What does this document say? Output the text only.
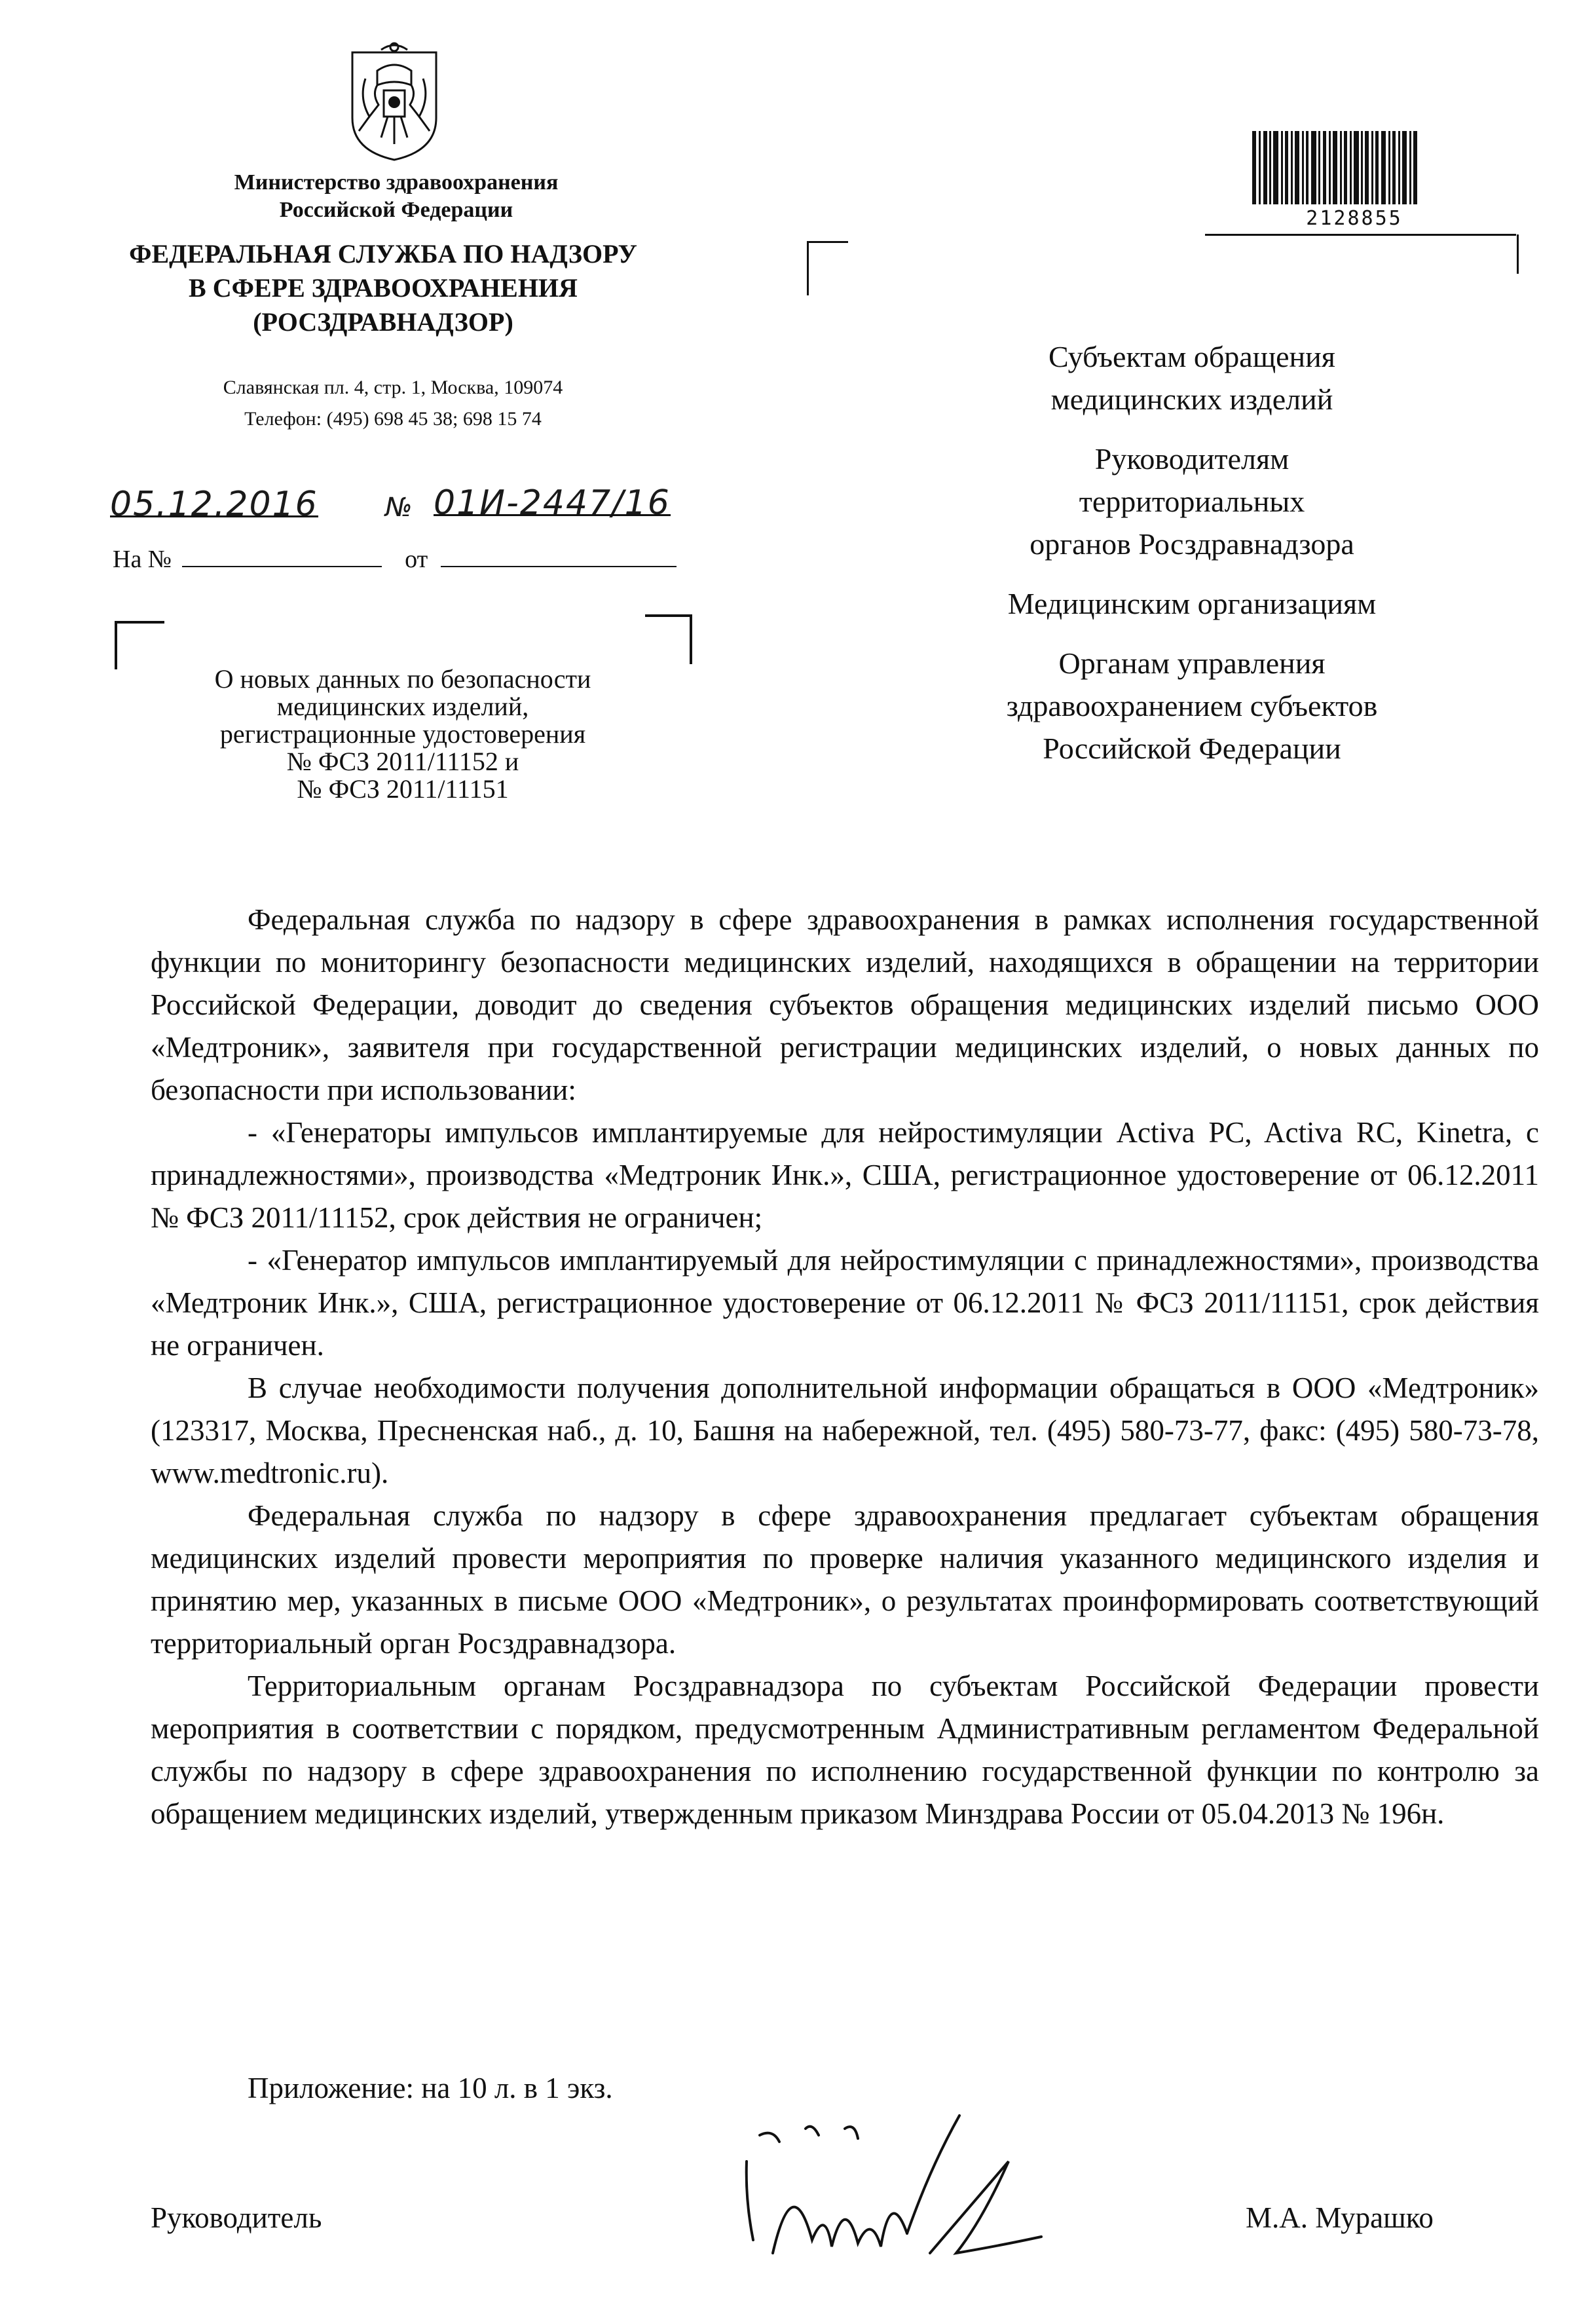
Министерство здравоохранения
Российской Федерации
ФЕДЕРАЛЬНАЯ СЛУЖБА ПО НАДЗОРУ
В СФЕРЕ ЗДРАВООХРАНЕНИЯ
(РОСЗДРАВНАДЗОР)
Славянская пл. 4, стр. 1, Москва, 109074
Телефон: (495) 698 45 38; 698 15 74
05.12.2016	№ 01И-2447/16
На №	от
О новых данных по безопасности
медицинских изделий,
регистрационные удостоверения
№ ФСЗ 2011/11152 и
№ ФСЗ 2011/11151
2128855
Субъектам обращения
медицинских изделий
Руководителям
территориальных
органов Росздравнадзора
Медицинским организациям
Органам управления
здравоохранением субъектов
Российской Федерации

Федеральная служба по надзору в сфере здравоохранения в рамках исполнения государственной функции по мониторингу безопасности медицинских изделий, находящихся в обращении на территории Российской Федерации, доводит до сведения субъектов обращения медицинских изделий письмо ООО «Медтроник», заявителя при государственной регистрации медицинских изделий, о новых данных по безопасности при использовании:

- «Генераторы импульсов имплантируемые для нейростимуляции Activa PC, Activa RC, Kinetra, с принадлежностями», производства «Медтроник Инк.», США, регистрационное удостоверение от 06.12.2011 № ФСЗ 2011/11152, срок действия не ограничен;

- «Генератор импульсов имплантируемый для нейростимуляции с принадлежностями», производства «Медтроник Инк.», США, регистрационное удостоверение от 06.12.2011 № ФСЗ 2011/11151, срок действия не ограничен.

В случае необходимости получения дополнительной информации обращаться в ООО «Медтроник» (123317, Москва, Пресненская наб., д. 10, Башня на набережной, тел. (495) 580-73-77, факс: (495) 580-73-78, www.medtronic.ru).

Федеральная служба по надзору в сфере здравоохранения предлагает субъектам обращения медицинских изделий провести мероприятия по проверке наличия указанного медицинского изделия и принятию мер, указанных в письме ООО «Медтроник», о результатах проинформировать соответствующий территориальный орган Росздравнадзора.

Территориальным органам Росздравнадзора по субъектам Российской Федерации провести мероприятия в соответствии с порядком, предусмотренным Административным регламентом Федеральной службы по надзору в сфере здравоохранения по исполнению государственной функции по контролю за обращением медицинских изделий, утвержденным приказом Минздрава России от 05.04.2013 № 196н.

Приложение: на 10 л. в 1 экз.
Руководитель	М.А. Мурашко
